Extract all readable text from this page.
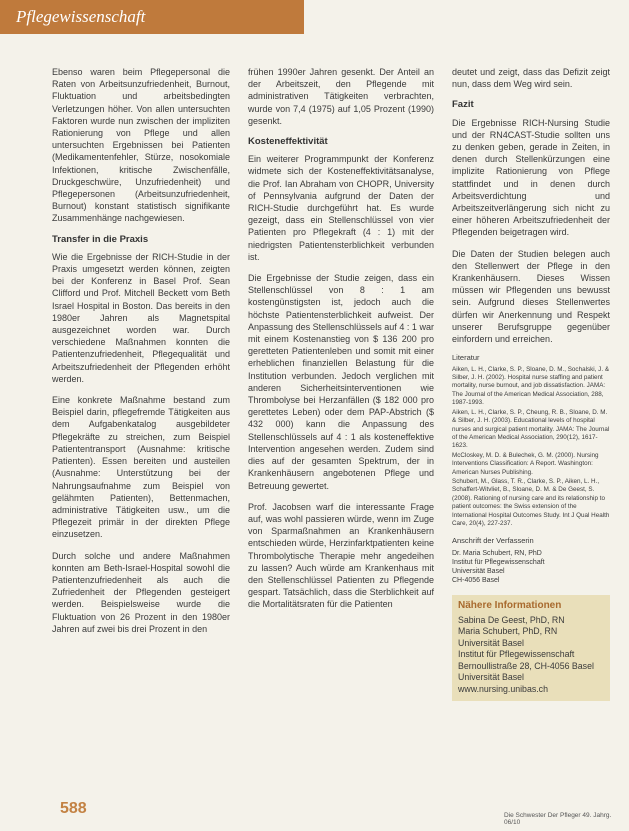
Pflegewissenschaft

Ebenso waren beim Pflegepersonal die Raten von Arbeitsunzufriedenheit, Burnout, Fluktuation und arbeitsbedingten Verletzungen höher. Von allen untersuchten Faktoren wurde nun zwischen der impliziten Rationierung von Pflege und allen untersuchten Ergebnissen bei Patienten (Medikamentenfehler, Stürze, nosokomiale Infektionen, kritische Zwischenfälle, Druckgeschwüre, Unzufriedenheit) und Pflegepersonen (Arbeitsunzufriedenheit, Burnout) konstant statistisch signifikante Zusammenhänge nachgewiesen.

Transfer in die Praxis

Wie die Ergebnisse der RICH-Studie in der Praxis umgesetzt werden können, zeigten bei der Konferenz in Basel Prof. Sean Clifford und Prof. Mitchell Beckett vom Beth Israel Hospital in Boston. Das bereits in den 1980er Jahren als Magnetspital ausgezeichnet worden war. Durch verschiedene Maßnahmen konnten die Patientenzufriedenheit, Pflegequalität und Arbeitszufriedenheit der Pflegenden erhöht werden.

Eine konkrete Maßnahme bestand zum Beispiel darin, pflegefremde Tätigkeiten aus dem Aufgabenkatalog ausgebildeter Pflegekräfte zu streichen, zum Beispiel Patiententransport (Ausnahme: kritische Patienten). Essen bereiten und austeilen (Ausnahme: Unterstützung bei der Nahrungsaufnahme zum Beispiel von gelähmten Patienten), Bettenmachen, administrative Tätigkeiten usw., um die Pflegezeit primär in der direkten Pflege einzusetzen.

Durch solche und andere Maßnahmen konnten am Beth-Israel-Hospital sowohl die Patientenzufriedenheit als auch die Zufriedenheit der Pflegenden gesteigert werden. Beispielsweise wurde die Fluktuation von 26 Prozent in den 1980er Jahren auf zwei bis drei Prozent in den

frühen 1990er Jahren gesenkt. Der Anteil an der Arbeitszeit, den Pflegende mit administrativen Tätigkeiten verbrachten, wurde von 7,4 (1975) auf 1,05 Prozent (1990) gesenkt.

Kosteneffektivität

Ein weiterer Programmpunkt der Konferenz widmete sich der Kosteneffektivitätsanalyse, die Prof. Ian Abraham von CHOPR, University of Pennsylvania aufgrund der Daten der RICH-Studie durchgeführt hat. Es wurde gezeigt, dass ein Stellenschlüssel von vier Patienten pro Pflegekraft (4 : 1) mit der niedrigsten Patientensterblichkeit verbunden ist.

Die Ergebnisse der Studie zeigen, dass ein Stellenschlüssel von 8 : 1 am kostengünstigsten ist, jedoch auch die höchste Patientensterblichkeit aufweist. Der Anpassung des Stellenschlüssels auf 4 : 1 war mit einem Kostenanstieg von $ 136 200 pro geretteten Patientenleben und somit mit einer erheblichen finanziellen Belastung für die Institution verbunden. Jedoch verglichen mit anderen Sicherheitsinterventionen wie Thrombolyse bei Herzanfällen ($ 182 000 pro gerettetes Leben) oder dem PAP-Abstrich ($ 432 000) kann die Anpassung des Stellenschlüssels auf 4 : 1 als kosteneffektive Intervention angesehen werden. Zudem sind dies auf der gesamten Spektrum, der in Krankenhäusern angebotenen Pflege und Betreuung gewertet.

Prof. Jacobsen warf die interessante Frage auf, was wohl passieren würde, wenn im Zuge von Sparmaßnahmen an Krankenhäusern entschieden würde, Herzinfarktpatienten keine Thrombolytische Therapie mehr angedeihen zu lassen? Auch würde am Krankenhaus mit den Stellenschlüssel Patienten zu Pflegende gespart. Tatsächlich, dass die Sterblichkeit auf die Mortalitätsraten für die Patienten

deutet und zeigt, dass das Defizit zeigt nun, dass dem Weg wird sein.

Fazit

Die Ergebnisse RICH-Nursing Studie und der RN4CAST-Studie sollten uns zu denken geben, gerade in Zeiten, in denen durch Stellenkürzungen eine implizite Rationierung von Pflege stattfindet und in denen durch Arbeitsverdichtung und Arbeitszeitverlängerung sich nicht zu einer höheren Arbeitszufriedenheit der Pflegenden beigetragen wird.

Die Daten der Studien belegen auch den Stellenwert der Pflege in den Krankenhäusern. Dieses Wissen müssen wir Pflegenden uns bewusst sein. Aufgrund dieses Stellenwertes dürfen wir Anerkennung und Respekt unserer Berufsgruppe gegenüber einfordern und erreichen.

Literatur
Aiken, L. H., Clarke, S. P., Sloane, D. M., Sochalski, J. & Silber, J. H. (2002). Hospital nurse staffing and patient mortality, nurse burnout, and job dissatisfaction. JAMA: The Journal of the American Medical Association, 288, 1987-1993.
Aiken, L. H., Clarke, S. P., Cheung, R. B., Sloane, D. M. & Silber, J. H. (2003). Educational levels of hospital nurses and surgical patient mortality. JAMA: The Journal of the American Medical Association, 290(12), 1617-1623.
McCloskey, M. D. & Bulechek, G. M. (2000). Nursing Interventions Classification: A Report. Washington: American Nurses Publishing.
Schubert, M., Glass, T. R., Clarke, S. P., Aiken, L. H., Schaffert-Witvliet, B., Sloane, D. M. & De Geest, S. (2008). Rationing of nursing care and its relationship to patient outcomes: the Swiss extension of the International Hospital Outcomes Study. Int J Qual Health Care, 20(4), 227-237.
Anschrift der Verfasserin
Dr. Maria Schubert, RN, PhD
Institut für Pflegewissenschaft
Universität Basel
CH-4056 Basel
Nähere Informationen
Sabina De Geest, PhD, RN
Maria Schubert, PhD, RN
Universität Basel
Institut für Pflegewissenschaft
Bernoullistraße 28, CH-4056 Basel
Universität Basel
www.nursing.unibas.ch
588	Die Schwester Der Pfleger 49. Jahrg. 06/10
